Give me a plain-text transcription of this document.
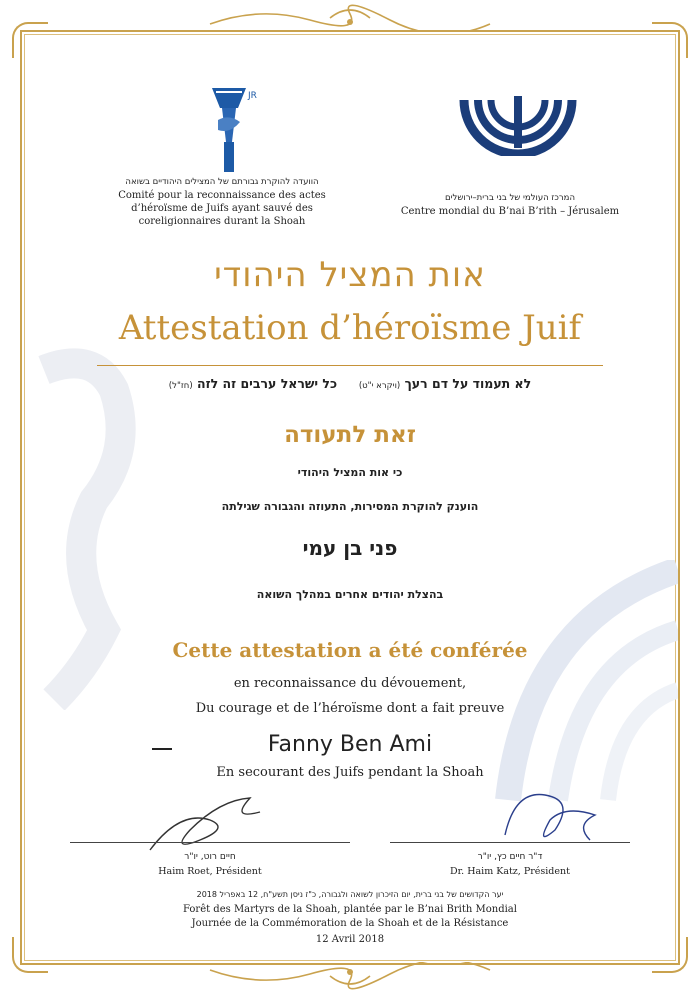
JR
הוועדה להוקרת גבורתם של המצילים היהודיים בשואה
Comité pour la reconnaissance des actes
d’héroïsme de Juifs ayant sauvé des
coreligionnaires durant la Shoah
המרכז העולמי של בני ברית–ירושלים
Centre mondial du B’nai B’rith – Jérusalem
אות המציל היהודי
Attestation d’héroïsme Juif
לא תעמוד על דם רעך (ויקרא י"ט)     כל ישראל ערבים זה לזה (חז"ל)
זאת לתעודה
כי אות המציל היהודי
הוענק להוקרת המסירות, התעוזה והגבורה שגילתה
פני בן עמי
בהצלת יהודים אחרים במהלך השואה
Cette attestation a été conférée
en reconnaissance du dévouement,
Du courage et de l’héroïsme dont a fait preuve
Fanny Ben Ami
En secourant des Juifs pendant la Shoah
חיים רוט, יו"ר
Haim Roet, Président
ד"ר חיים כץ, יו"ר
Dr. Haim Katz, Président
יער הקדושים של בני ברית, יום הזיכרון לשואה ולגבורה, כ"ז ניסן תשע"ח, 12 באפריל 2018
Forêt des Martyrs de la Shoah, plantée par le B’nai Brith Mondial
Journée de la Commémoration de la Shoah et de la Résistance
12 Avril 2018
